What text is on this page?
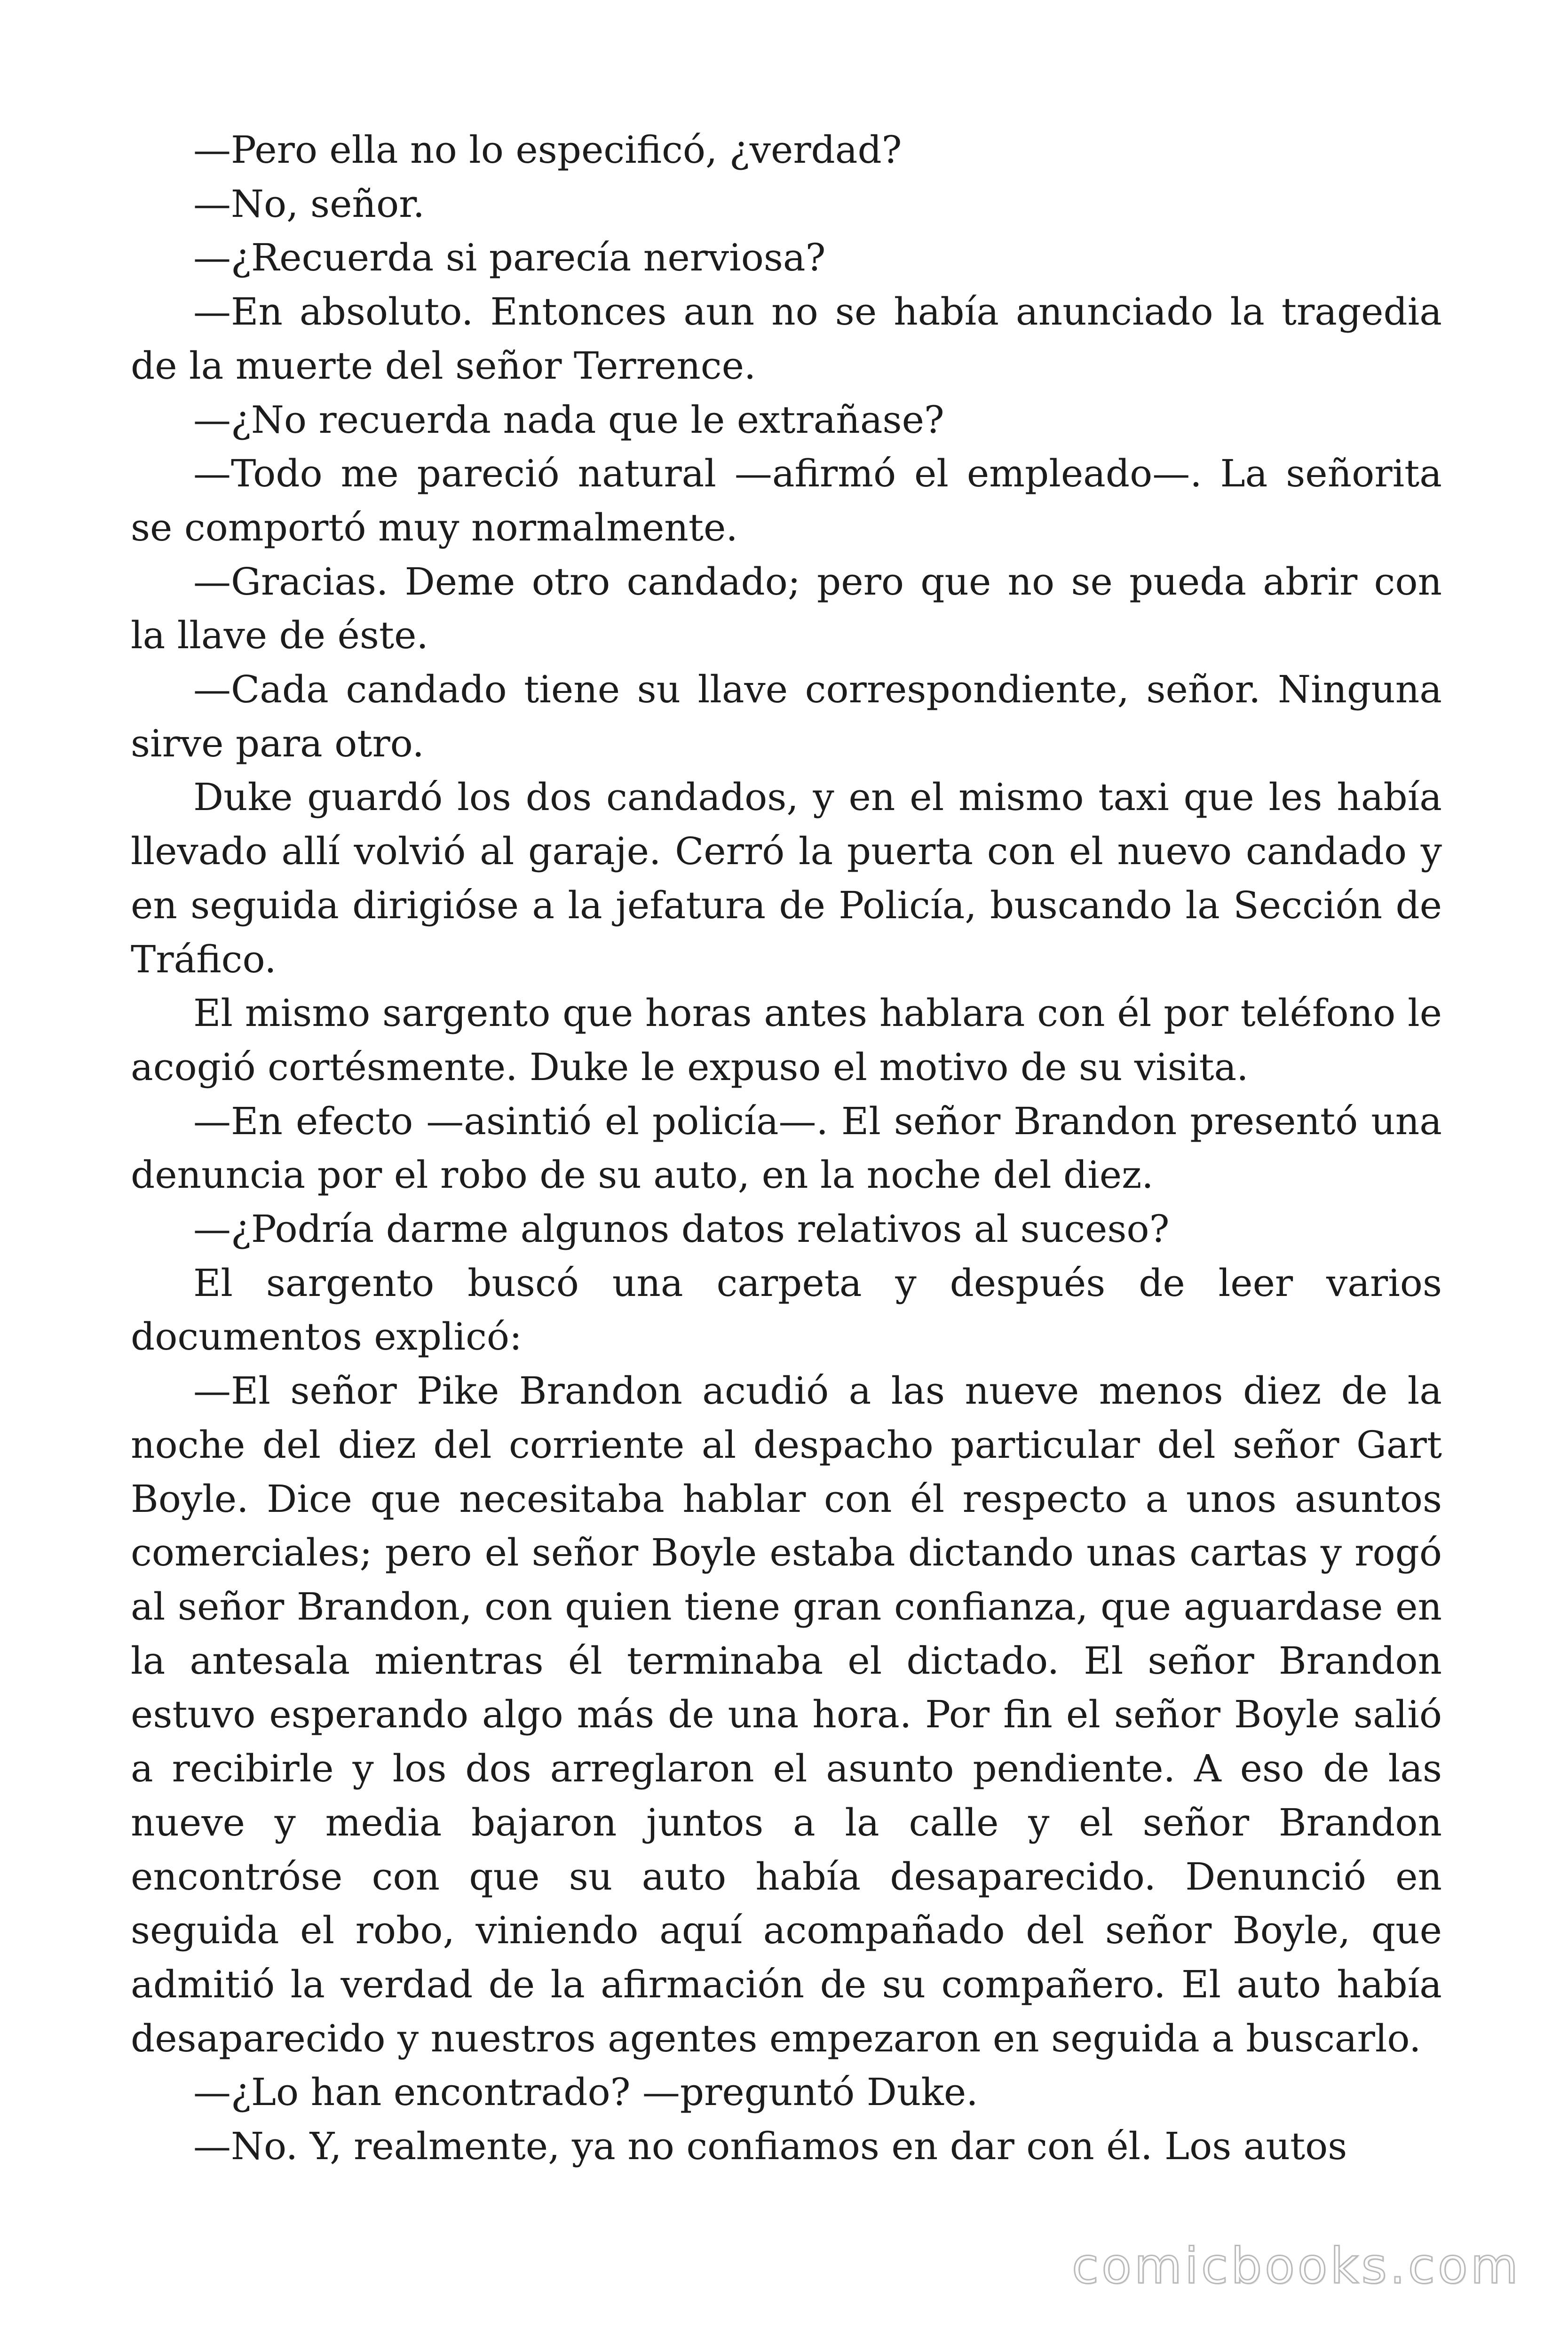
—Pero ella no lo especificó, ¿verdad?

—No, señor.

—¿Recuerda si parecía nerviosa?

—En absoluto. Entonces aun no se había anunciado la tragedia de la muerte del señor Terrence.

—¿No recuerda nada que le extrañase?

—Todo me pareció natural —afirmó el empleado—. La señorita se comportó muy normalmente.

—Gracias. Deme otro candado; pero que no se pueda abrir con la llave de éste.

—Cada candado tiene su llave correspondiente, señor. Ninguna sirve para otro.

Duke guardó los dos candados, y en el mismo taxi que les había llevado allí volvió al garaje. Cerró la puerta con el nuevo candado y en seguida dirigióse a la jefatura de Policía, buscando la Sección de Tráfico.

El mismo sargento que horas antes hablara con él por teléfono le acogió cortésmente. Duke le expuso el motivo de su visita.

—En efecto —asintió el policía—. El señor Brandon presentó una denuncia por el robo de su auto, en la noche del diez.

—¿Podría darme algunos datos relativos al suceso?

El sargento buscó una carpeta y después de leer varios documentos explicó:

—El señor Pike Brandon acudió a las nueve menos diez de la noche del diez del corriente al despacho particular del señor Gart Boyle. Dice que necesitaba hablar con él respecto a unos asuntos comerciales; pero el señor Boyle estaba dictando unas cartas y rogó al señor Brandon, con quien tiene gran confianza, que aguardase en la antesala mientras él terminaba el dictado. El señor Brandon estuvo esperando algo más de una hora. Por fin el señor Boyle salió a recibirle y los dos arreglaron el asunto pendiente. A eso de las nueve y media bajaron juntos a la calle y el señor Brandon encontróse con que su auto había desaparecido. Denunció en seguida el robo, viniendo aquí acompañado del señor Boyle, que admitió la verdad de la afirmación de su compañero. El auto había desaparecido y nuestros agentes empezaron en seguida a buscarlo.

—¿Lo han encontrado? —preguntó Duke.

—No. Y, realmente, ya no confiamos en dar con él. Los autos

comicbooks.com
